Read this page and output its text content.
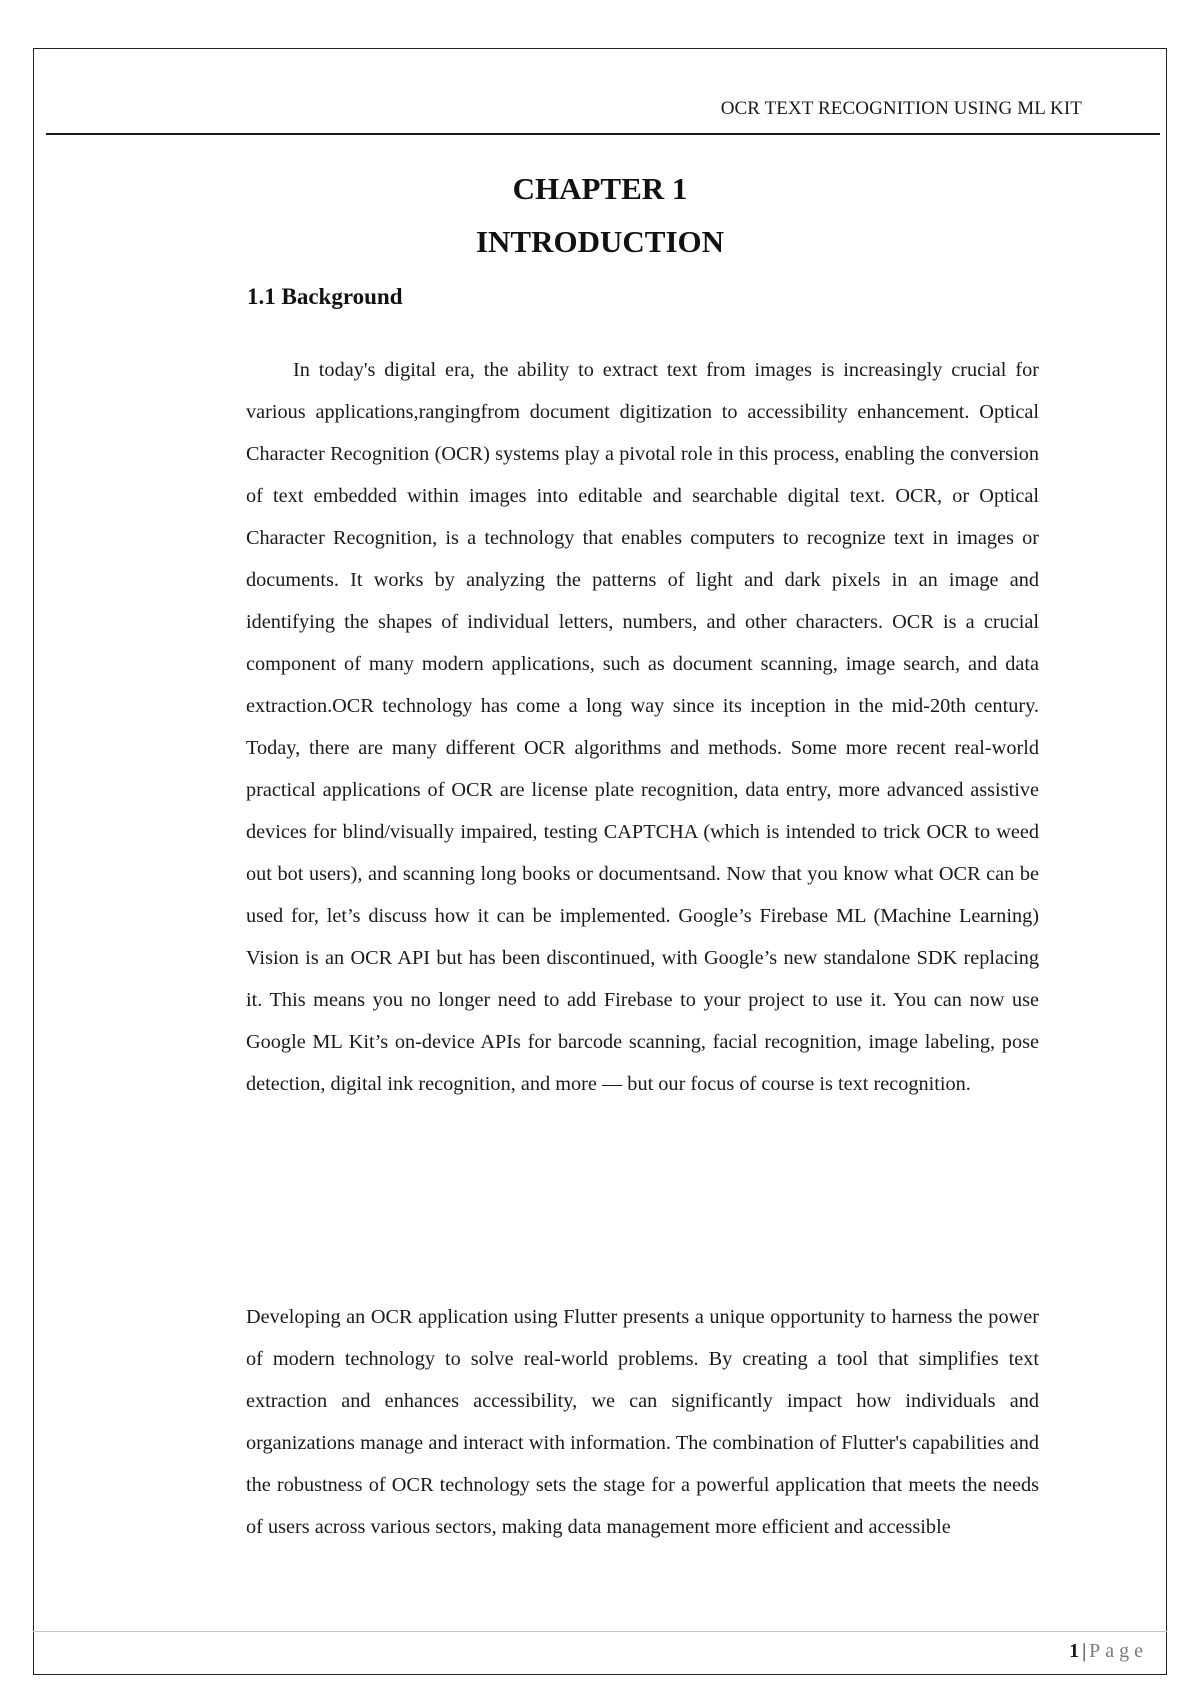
OCR TEXT RECOGNITION USING ML KIT
CHAPTER 1
INTRODUCTION
1.1 Background

In today's digital era, the ability to extract text from images is increasingly crucial for various applications,rangingfrom document digitization to accessibility enhancement. Optical Character Recognition (OCR) systems play a pivotal role in this process, enabling the conversion of text embedded within images into editable and searchable digital text. OCR, or Optical Character Recognition, is a technology that enables computers to recognize text in images or documents. It works by analyzing the patterns of light and dark pixels in an image and identifying the shapes of individual letters, numbers, and other characters. OCR is a crucial component of many modern applications, such as document scanning, image search, and data extraction.OCR technology has come a long way since its inception in the mid-20th century. Today, there are many different OCR algorithms and methods. Some more recent real-world practical applications of OCR are license plate recognition, data entry, more advanced assistive devices for blind/visually impaired, testing CAPTCHA (which is intended to trick OCR to weed out bot users), and scanning long books or documentsand. Now that you know what OCR can be used for, let’s discuss how it can be implemented. Google’s Firebase ML (Machine Learning) Vision is an OCR API but has been discontinued, with Google’s new standalone SDK replacing it. This means you no longer need to add Firebase to your project to use it. You can now use Google ML Kit’s on-device APIs for barcode scanning, facial recognition, image labeling, pose detection, digital ink recognition, and more — but our focus of course is text recognition.

Developing an OCR application using Flutter presents a unique opportunity to harness the power of modern technology to solve real-world problems. By creating a tool that simplifies text extraction and enhances accessibility, we can significantly impact how individuals and organizations manage and interact with information. The combination of Flutter's capabilities and the robustness of OCR technology sets the stage for a powerful application that meets the needs of users across various sectors, making data management more efficient and accessible

1 | Page
